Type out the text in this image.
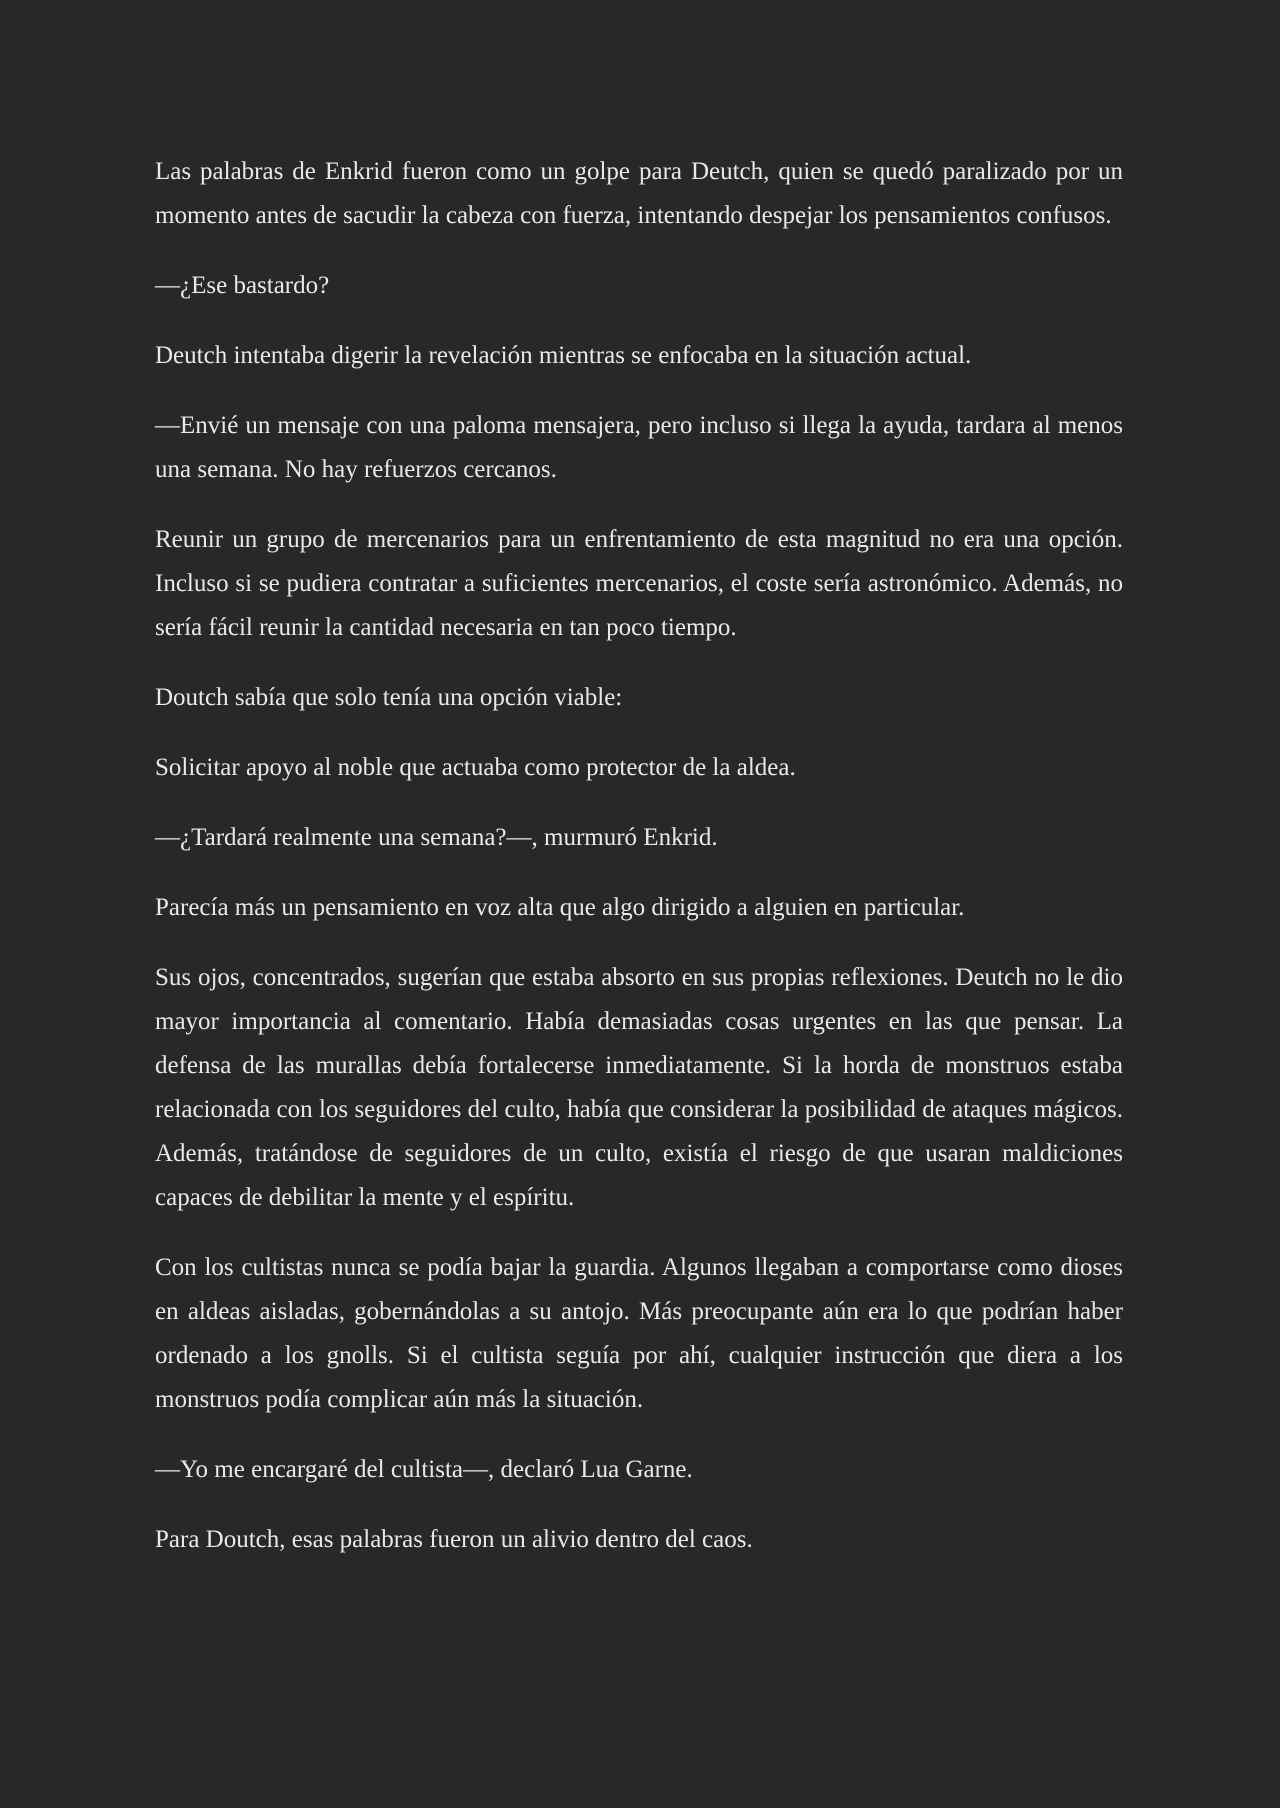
Las palabras de Enkrid fueron como un golpe para Deutch, quien se quedó paralizado por un momento antes de sacudir la cabeza con fuerza, intentando despejar los pensamientos confusos.

—¿Ese bastardo?

Deutch intentaba digerir la revelación mientras se enfocaba en la situación actual.

—Envié un mensaje con una paloma mensajera, pero incluso si llega la ayuda, tardara al menos una semana. No hay refuerzos cercanos.

Reunir un grupo de mercenarios para un enfrentamiento de esta magnitud no era una opción. Incluso si se pudiera contratar a suficientes mercenarios, el coste sería astronómico. Además, no sería fácil reunir la cantidad necesaria en tan poco tiempo.

Doutch sabía que solo tenía una opción viable:

Solicitar apoyo al noble que actuaba como protector de la aldea.

—¿Tardará realmente una semana?—, murmuró Enkrid.

Parecía más un pensamiento en voz alta que algo dirigido a alguien en particular.

Sus ojos, concentrados, sugerían que estaba absorto en sus propias reflexiones. Deutch no le dio mayor importancia al comentario. Había demasiadas cosas urgentes en las que pensar. La defensa de las murallas debía fortalecerse inmediatamente. Si la horda de monstruos estaba relacionada con los seguidores del culto, había que considerar la posibilidad de ataques mágicos. Además, tratándose de seguidores de un culto, existía el riesgo de que usaran maldiciones capaces de debilitar la mente y el espíritu.

Con los cultistas nunca se podía bajar la guardia. Algunos llegaban a comportarse como dioses en aldeas aisladas, gobernándolas a su antojo. Más preocupante aún era lo que podrían haber ordenado a los gnolls. Si el cultista seguía por ahí, cualquier instrucción que diera a los monstruos podía complicar aún más la situación.

—Yo me encargaré del cultista—, declaró Lua Garne.

Para Doutch, esas palabras fueron un alivio dentro del caos.
